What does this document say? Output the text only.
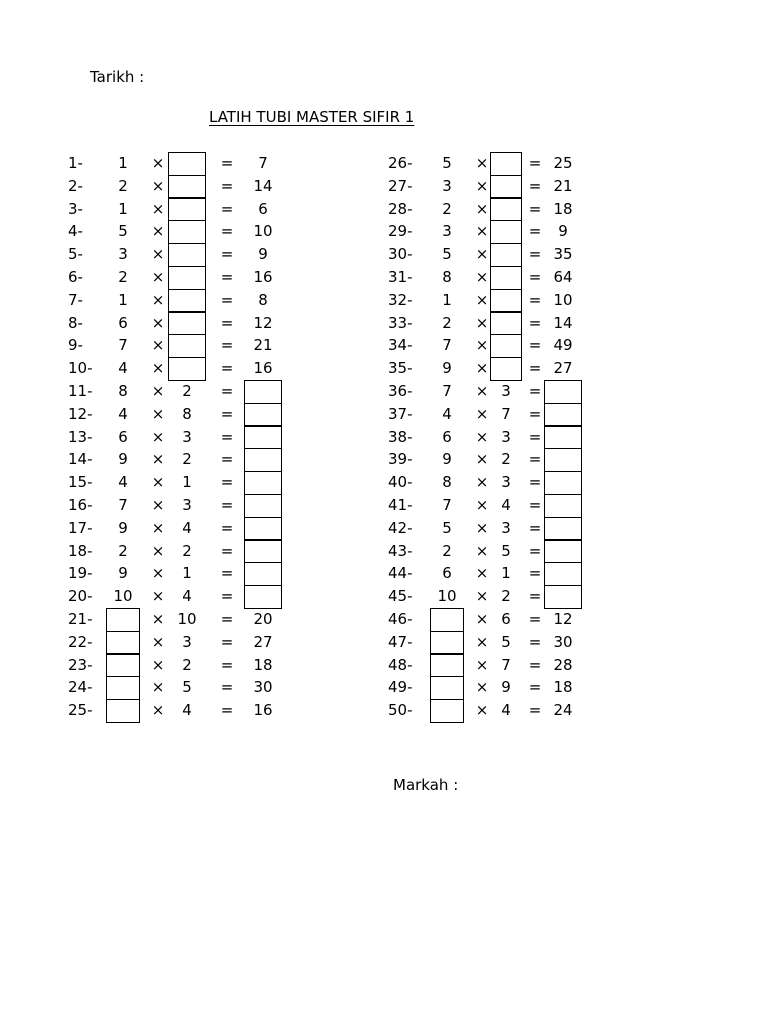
Tarikh :
LATIH TUBI MASTER SIFIR 1
1-	1	×	=	7
2-	2	×	=	14
3-	1	×	=	6
4-	5	×	=	10
5-	3	×	=	9
6-	2	×	=	16
7-	1	×	=	8
8-	6	×	=	12
9-	7	×	=	21
10-	4	×	=	16
11-	8	×	2	=
12-	4	×	8	=
13-	6	×	3	=
14-	9	×	2	=
15-	4	×	1	=
16-	7	×	3	=
17-	9	×	4	=
18-	2	×	2	=
19-	9	×	1	=
20-	10	×	4	=
21-	× 10	=	20
22-	×	3	=	27
23-	×	2	=	18
24-	×	5	=	30
25-	×	4	=	16
26-	5	×	= 25
27-	3	×	= 21
28-	2	×	= 18
29-	3	×	=	9
30-	5	×	= 35
31-	8	×	= 64
32-	1	×	= 10
33-	2	×	= 14
34-	7	×	= 49
35-	9	×	= 27
36-	7	× 3	=
37-	4	× 7	=
38-	6	× 3	=
39-	9	× 2	=
40-	8	× 3	=
41-	7	× 4	=
42-	5	× 3	=
43-	2	× 5	=
44-	6	× 1	=
45-	10	× 2	=
46-	× 6	= 12
47-	× 5	= 30
48-	× 7	= 28
49-	× 9	= 18
50-	× 4	= 24
Markah :
